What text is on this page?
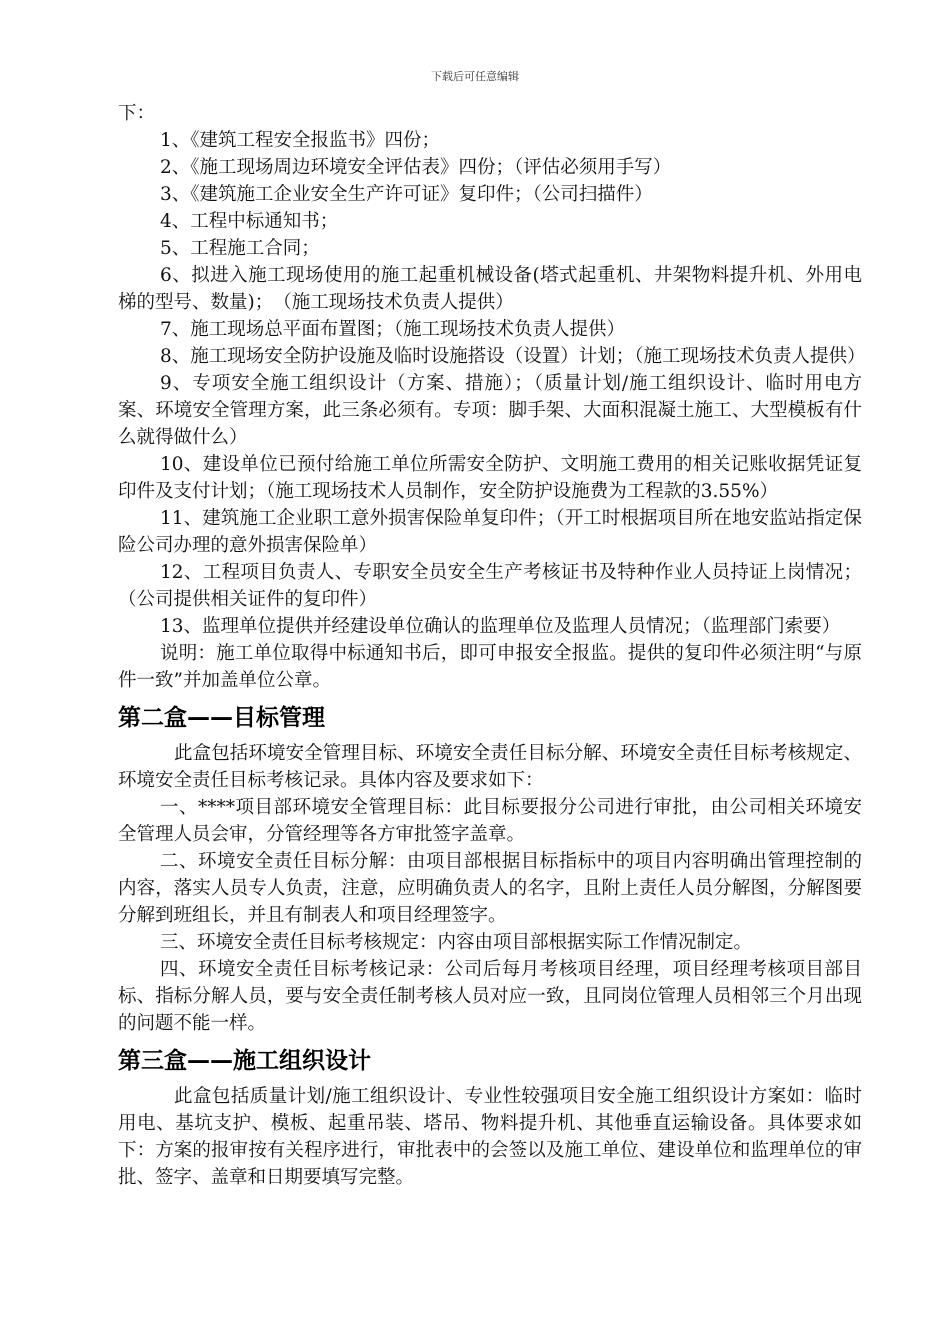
下载后可任意编辑

下：

1、《建筑工程安全报监书》四份；

2、《施工现场周边环境安全评估表》四份；（评估必须用手写）

3、《建筑施工企业安全生产许可证》复印件；（公司扫描件）

4、工程中标通知书；

5、工程施工合同；

6、拟进入施工现场使用的施工起重机械设备(塔式起重机、井架物料提升机、外用电梯的型号、数量)；　（施工现场技术负责人提供）

7、施工现场总平面布置图；（施工现场技术负责人提供）

8、施工现场安全防护设施及临时设施搭设（设置）计划；（施工现场技术负责人提供）

9、专项安全施工组织设计（方案、措施）；（质量计划/施工组织设计、临时用电方案、环境安全管理方案，此三条必须有。专项：脚手架、大面积混凝土施工、大型模板有什么就得做什么）

10、建设单位已预付给施工单位所需安全防护、文明施工费用的相关记账收据凭证复印件及支付计划；（施工现场技术人员制作，安全防护设施费为工程款的3.55%）

11、建筑施工企业职工意外损害保险单复印件；（开工时根据项目所在地安监站指定保险公司办理的意外损害保险单）

12、工程项目负责人、专职安全员安全生产考核证书及特种作业人员持证上岗情况；（公司提供相关证件的复印件）

13、监理单位提供并经建设单位确认的监理单位及监理人员情况；（监理部门索要）

说明：施工单位取得中标通知书后，即可申报安全报监。提供的复印件必须注明“与原件一致”并加盖单位公章。

第二盒——目标管理

此盒包括环境安全管理目标、环境安全责任目标分解、环境安全责任目标考核规定、环境安全责任目标考核记录。具体内容及要求如下：

一、****项目部环境安全管理目标：此目标要报分公司进行审批，由公司相关环境安全管理人员会审，分管经理等各方审批签字盖章。

二、环境安全责任目标分解：由项目部根据目标指标中的项目内容明确出管理控制的内容，落实人员专人负责，注意，应明确负责人的名字，且附上责任人员分解图，分解图要分解到班组长，并且有制表人和项目经理签字。

三、环境安全责任目标考核规定：内容由项目部根据实际工作情况制定。

四、环境安全责任目标考核记录：公司后每月考核项目经理，项目经理考核项目部目标、指标分解人员，要与安全责任制考核人员对应一致，且同岗位管理人员相邻三个月出现的问题不能一样。

第三盒——施工组织设计

此盒包括质量计划/施工组织设计、专业性较强项目安全施工组织设计方案如：临时用电、基坑支护、模板、起重吊装、塔吊、物料提升机、其他垂直运输设备。具体要求如下：方案的报审按有关程序进行，审批表中的会签以及施工单位、建设单位和监理单位的审批、签字、盖章和日期要填写完整。
